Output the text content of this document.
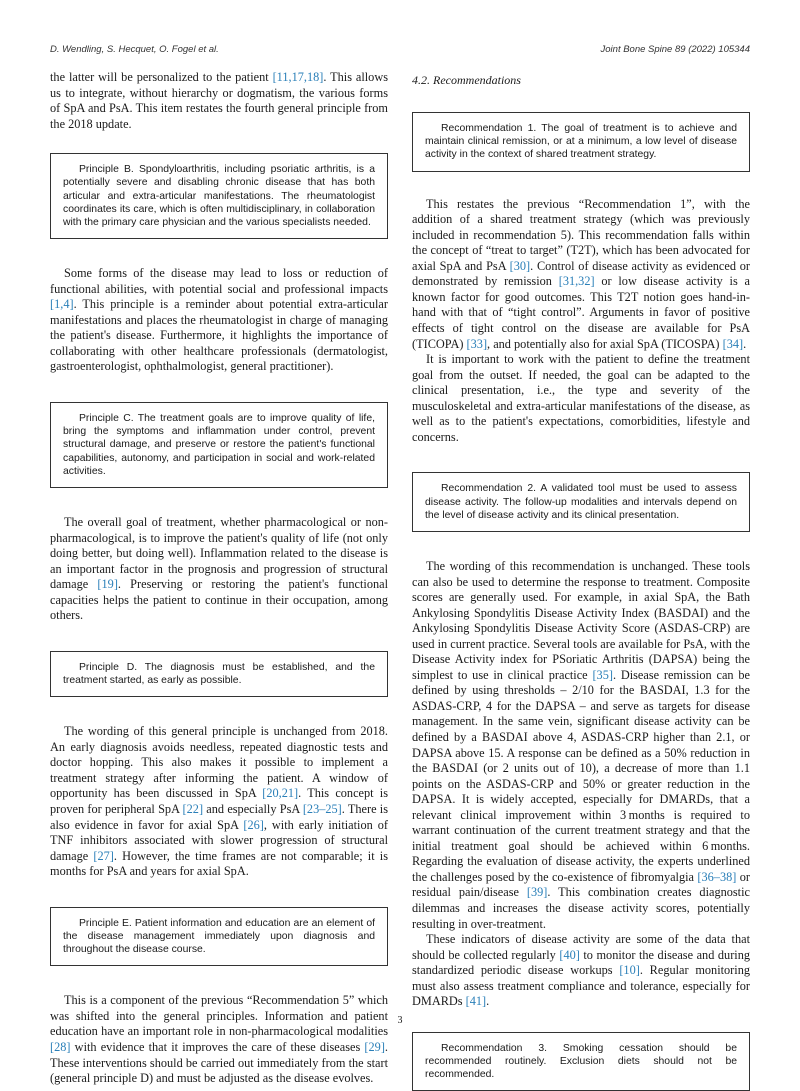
D. Wendling, S. Hecquet, O. Fogel et al.	Joint Bone Spine 89 (2022) 105344

the latter will be personalized to the patient [11,17,18]. This allows us to integrate, without hierarchy or dogmatism, the various forms of SpA and PsA. This item restates the fourth general principle from the 2018 update.

Principle B. Spondyloarthritis, including psoriatic arthritis, is a potentially severe and disabling chronic disease that has both articular and extra-articular manifestations. The rheumatologist coordinates its care, which is often multidisciplinary, in collaboration with the primary care physician and the various specialists needed.

Some forms of the disease may lead to loss or reduction of functional abilities, with potential social and professional impacts [1,4]. This principle is a reminder about potential extra-articular manifestations and places the rheumatologist in charge of managing the patient's disease. Furthermore, it highlights the importance of collaborating with other healthcare professionals (dermatologist, gastroenterologist, ophthalmologist, general practitioner).

Principle C. The treatment goals are to improve quality of life, bring the symptoms and inflammation under control, prevent structural damage, and preserve or restore the patient's functional capabilities, autonomy, and participation in social and work-related activities.

The overall goal of treatment, whether pharmacological or non-pharmacological, is to improve the patient's quality of life (not only doing better, but doing well). Inflammation related to the disease is an important factor in the prognosis and progression of structural damage [19]. Preserving or restoring the patient's functional capacities helps the patient to continue in their occupation, among others.

Principle D. The diagnosis must be established, and the treatment started, as early as possible.

The wording of this general principle is unchanged from 2018. An early diagnosis avoids needless, repeated diagnostic tests and doctor hopping. This also makes it possible to implement a treatment strategy after informing the patient. A window of opportunity has been discussed in SpA [20,21]. This concept is proven for peripheral SpA [22] and especially PsA [23–25]. There is also evidence in favor for axial SpA [26], with early initiation of TNF inhibitors associated with slower progression of structural damage [27]. However, the time frames are not comparable; it is months for PsA and years for axial SpA.

Principle E. Patient information and education are an element of the disease management immediately upon diagnosis and throughout the disease course.

This is a component of the previous “Recommendation 5” which was shifted into the general principles. Information and patient education have an important role in non-pharmacological modalities [28] with evidence that it improves the care of these diseases [29]. These interventions should be carried out immediately from the start (general principle D) and must be adjusted as the disease evolves.

4.2. Recommendations
Recommendation 1. The goal of treatment is to achieve and maintain clinical remission, or at a minimum, a low level of disease activity in the context of shared treatment strategy.

This restates the previous “Recommendation 1”, with the addition of a shared treatment strategy (which was previously included in recommendation 5). This recommendation falls within the concept of “treat to target” (T2T), which has been advocated for axial SpA and PsA [30]. Control of disease activity as evidenced or demonstrated by remission [31,32] or low disease activity is a known factor for good outcomes. This T2T notion goes hand-in-hand with that of “tight control”. Arguments in favor of positive effects of tight control on the disease are available for PsA (TICOPA) [33], and potentially also for axial SpA (TICOSPA) [34].

It is important to work with the patient to define the treatment goal from the outset. If needed, the goal can be adapted to the clinical presentation, i.e., the type and severity of the musculoskeletal and extra-articular manifestations of the disease, as well as to the patient's expectations, comorbidities, lifestyle and concerns.

Recommendation 2. A validated tool must be used to assess disease activity. The follow-up modalities and intervals depend on the level of disease activity and its clinical presentation.

The wording of this recommendation is unchanged. These tools can also be used to determine the response to treatment. Composite scores are generally used. For example, in axial SpA, the Bath Ankylosing Spondylitis Disease Activity Index (BASDAI) and the Ankylosing Spondylitis Disease Activity Score (ASDAS-CRP) are used in current practice. Several tools are available for PsA, with the Disease Activity index for PSoriatic Arthritis (DAPSA) being the simplest to use in clinical practice [35]. Disease remission can be defined by using thresholds – 2/10 for the BASDAI, 1.3 for the ASDAS-CRP, 4 for the DAPSA – and serve as targets for disease management. In the same vein, significant disease activity can be defined by a BASDAI above 4, ASDAS-CRP higher than 2.1, or DAPSA above 15. A response can be defined as a 50% reduction in the BASDAI (or 2 units out of 10), a decrease of more than 1.1 points on the ASDAS-CRP and 50% or greater reduction in the DAPSA. It is widely accepted, especially for DMARDs, that a relevant clinical improvement within 3 months is required to warrant continuation of the current treatment strategy and that the initial treatment goal should be achieved within 6 months. Regarding the evaluation of disease activity, the experts underlined the challenges posed by the co-existence of fibromyalgia [36–38] or residual pain/disease [39]. This combination creates diagnostic dilemmas and increases the disease activity scores, potentially resulting in over-treatment.

These indicators of disease activity are some of the data that should be collected regularly [40] to monitor the disease and during standardized periodic disease workups [10]. Regular monitoring must also assess treatment compliance and tolerance, especially for DMARDs [41].

Recommendation 3. Smoking cessation should be recommended routinely. Exclusion diets should not be recommended.
3
